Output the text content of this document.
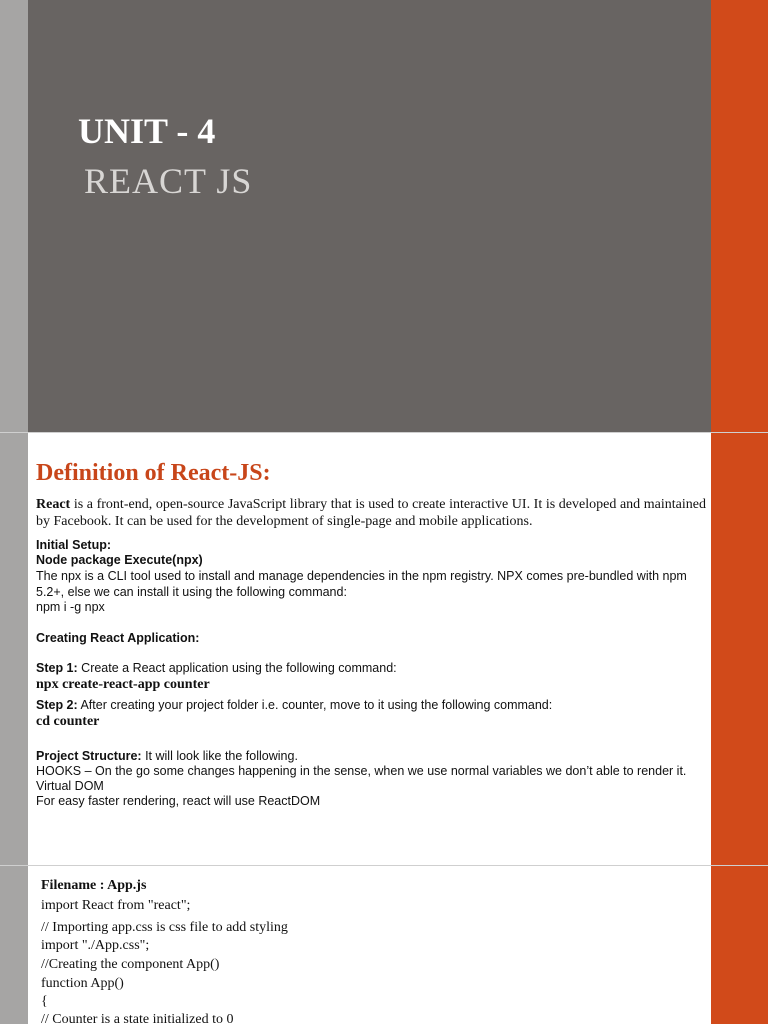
UNIT - 4
REACT JS
Definition of React-JS:
React is a front-end, open-source JavaScript library that is used to create interactive UI. It is developed and maintained by Facebook. It can be used for the development of single-page and mobile applications.
Initial Setup:
Node package Execute(npx)
The npx is a CLI tool used to install and manage dependencies in the npm registry. NPX comes pre-bundled with npm 5.2+, else we can install it using the following command:
npm i -g npx
Creating React Application:
Step 1: Create a React application using the following command:
npx create-react-app counter
Step 2: After creating your project folder i.e. counter, move to it using the following command:
cd counter
Project Structure: It will look like the following.
HOOKS – On the go some changes happening in the sense, when we use normal variables we don’t able to render it.
Virtual DOM
For easy faster rendering, react will use ReactDOM
Filename : App.js
import React from "react";
// Importing app.css is css file to add styling
import "./App.css";
//Creating the component App()
function App()
{
// Counter is a state initialized to 0
